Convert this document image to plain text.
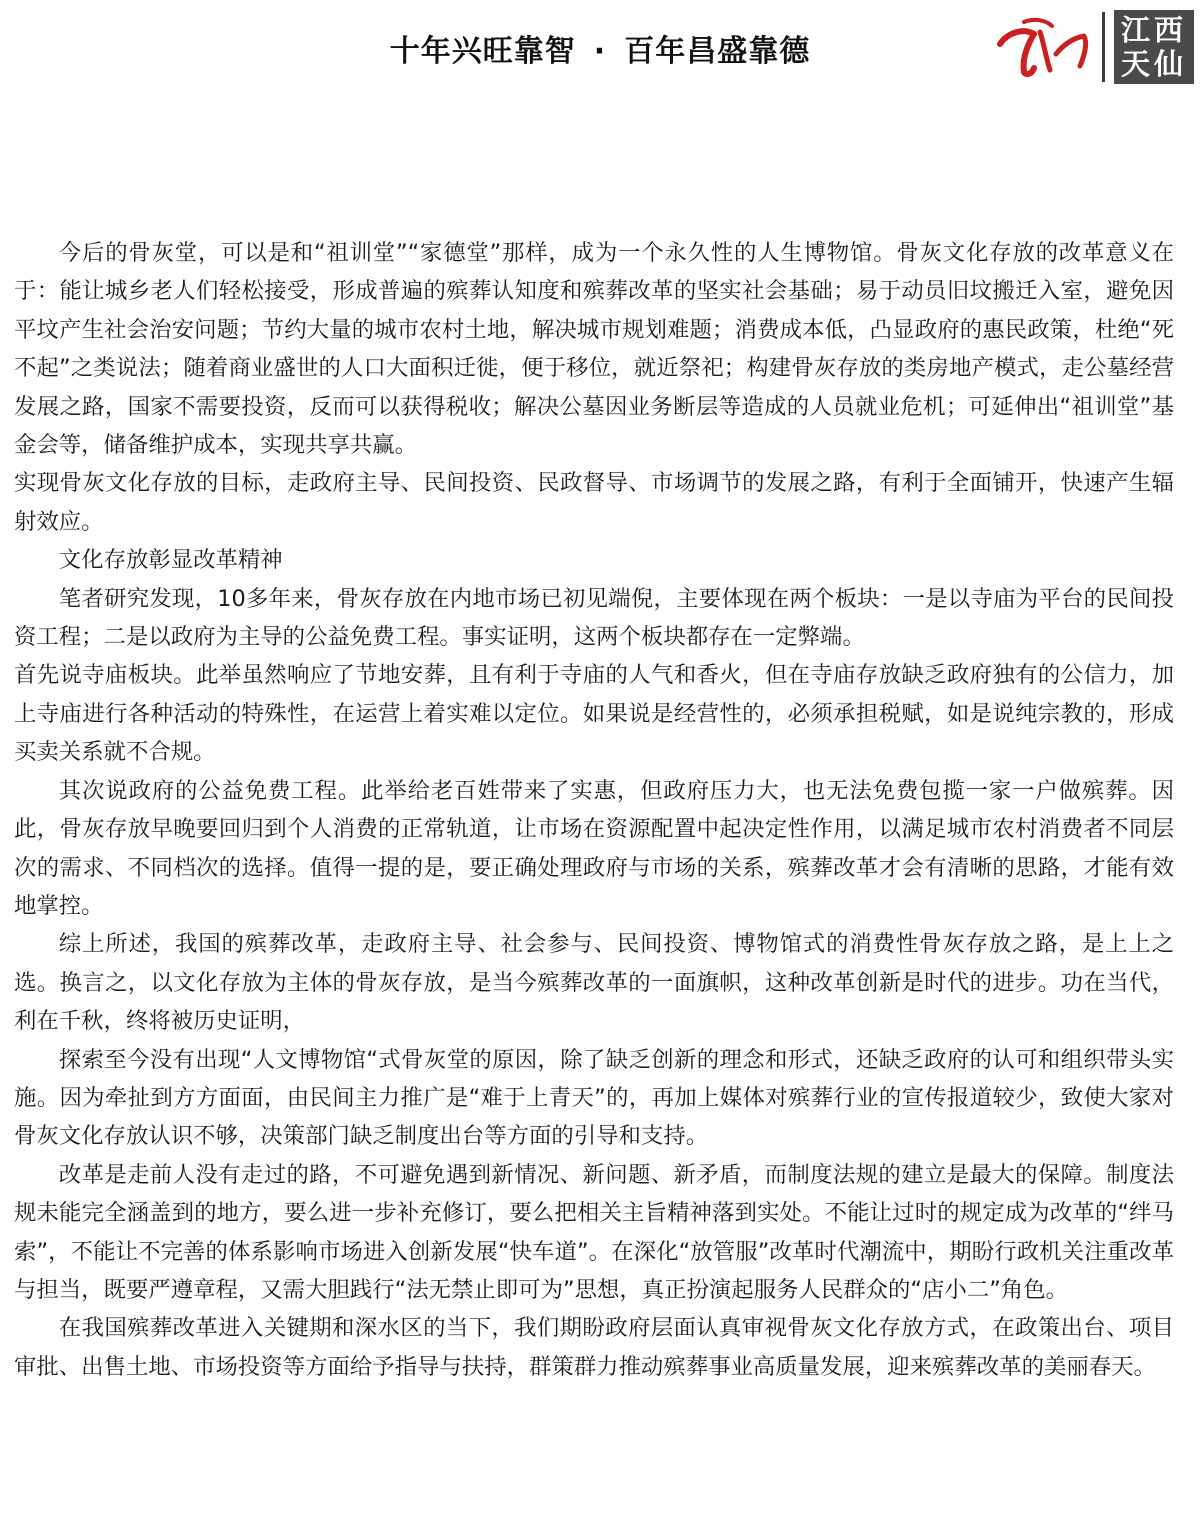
十年兴旺靠智 · 百年昌盛靠德
江西
天仙

今后的骨灰堂，可以是和“祖训堂”“家德堂”那样，成为一个永久性的人生博物馆。骨灰文化存放的改革意义在于：能让城乡老人们轻松接受，形成普遍的殡葬认知度和殡葬改革的坚实社会基础；易于动员旧坟搬迁入室，避免因平坟产生社会治安问题；节约大量的城市农村土地，解决城市规划难题；消费成本低，凸显政府的惠民政策，杜绝“死不起”之类说法；随着商业盛世的人口大面积迁徙，便于移位，就近祭祀；构建骨灰存放的类房地产模式，走公墓经营发展之路，国家不需要投资，反而可以获得税收；解决公墓因业务断层等造成的人员就业危机；可延伸出“祖训堂”基金会等，储备维护成本，实现共享共赢。

实现骨灰文化存放的目标，走政府主导、民间投资、民政督导、市场调节的发展之路，有利于全面铺开，快速产生辐射效应。

文化存放彰显改革精神

笔者研究发现，10多年来，骨灰存放在内地市场已初见端倪，主要体现在两个板块：一是以寺庙为平台的民间投资工程；二是以政府为主导的公益免费工程。事实证明，这两个板块都存在一定弊端。

首先说寺庙板块。此举虽然响应了节地安葬，且有利于寺庙的人气和香火，但在寺庙存放缺乏政府独有的公信力，加上寺庙进行各种活动的特殊性，在运营上着实难以定位。如果说是经营性的，必须承担税赋，如是说纯宗教的，形成买卖关系就不合规。

其次说政府的公益免费工程。此举给老百姓带来了实惠，但政府压力大，也无法免费包揽一家一户做殡葬。因此，骨灰存放早晚要回归到个人消费的正常轨道，让市场在资源配置中起决定性作用，以满足城市农村消费者不同层次的需求、不同档次的选择。值得一提的是，要正确处理政府与市场的关系，殡葬改革才会有清晰的思路，才能有效地掌控。

综上所述，我国的殡葬改革，走政府主导、社会参与、民间投资、博物馆式的消费性骨灰存放之路，是上上之选。换言之，以文化存放为主体的骨灰存放，是当今殡葬改革的一面旗帜，这种改革创新是时代的进步。功在当代，利在千秋，终将被历史证明，

探索至今没有出现“人文博物馆“式骨灰堂的原因，除了缺乏创新的理念和形式，还缺乏政府的认可和组织带头实施。因为牵扯到方方面面，由民间主力推广是“难于上青天”的，再加上媒体对殡葬行业的宣传报道较少，致使大家对骨灰文化存放认识不够，决策部门缺乏制度出台等方面的引导和支持。

改革是走前人没有走过的路，不可避免遇到新情况、新问题、新矛盾，而制度法规的建立是最大的保障。制度法规未能完全涵盖到的地方，要么进一步补充修订，要么把相关主旨精神落到实处。不能让过时的规定成为改革的“绊马索”，不能让不完善的体系影响市场进入创新发展“快车道”。在深化“放管服”改革时代潮流中，期盼行政机关注重改革与担当，既要严遵章程，又需大胆践行“法无禁止即可为”思想，真正扮演起服务人民群众的“店小二”角色。

在我国殡葬改革进入关键期和深水区的当下，我们期盼政府层面认真审视骨灰文化存放方式，在政策出台、项目审批、出售土地、市场投资等方面给予指导与扶持，群策群力推动殡葬事业高质量发展，迎来殡葬改革的美丽春天。
